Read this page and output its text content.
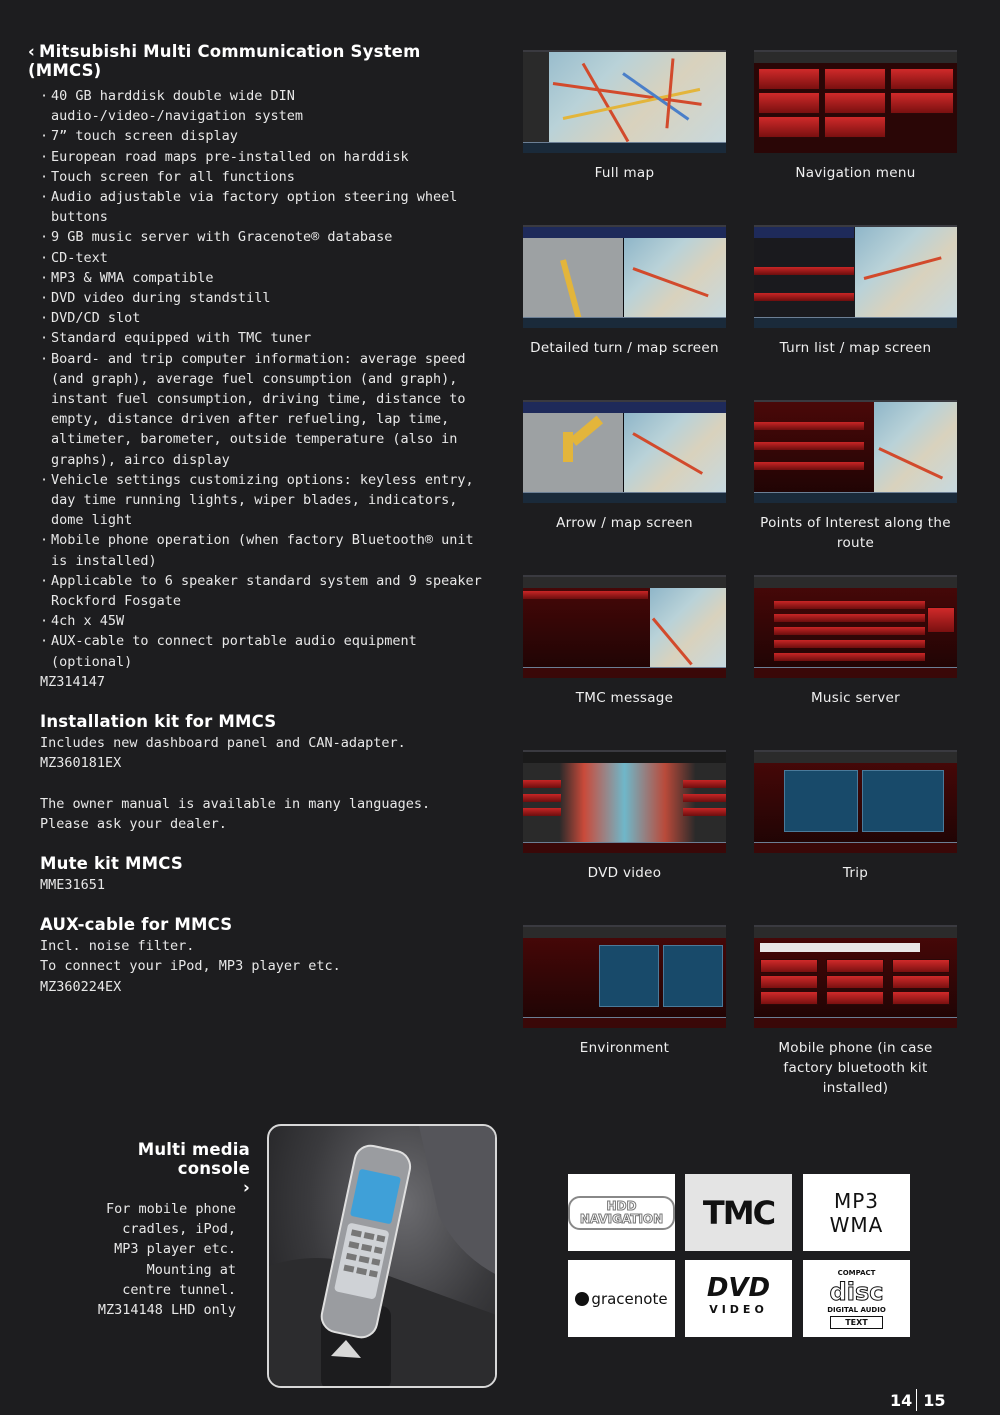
‹ Mitsubishi Multi Communication System (MMCS)
· 40 GB harddisk double wide DIN audio-/video-/navigation system
· 7” touch screen display
· European road maps pre-installed on harddisk
· Touch screen for all functions
· Audio adjustable via factory option steering wheel buttons
· 9 GB music server with Gracenote® database
· CD-text
· MP3 & WMA compatible
· DVD video during standstill
· DVD/CD slot
· Standard equipped with TMC tuner
· Board- and trip computer information: average speed (and graph), average fuel consumption (and graph), instant fuel consumption, driving time, distance to empty, distance driven after refueling, lap time, altimeter, barometer, outside temperature (also in graphs), airco display
· Vehicle settings customizing options: keyless entry, day time running lights, wiper blades, indicators, dome light
· Mobile phone operation (when factory Bluetooth® unit is installed)
· Applicable to 6 speaker standard system and 9 speaker Rockford Fosgate
· 4ch x 45W
· AUX-cable to connect portable audio equipment (optional)
MZ314147
Installation kit for MMCS
Includes new dashboard panel and CAN-adapter.
MZ360181EX
The owner manual is available in many languages.
Please ask your dealer.
Mute kit MMCS
MME31651
AUX-cable for MMCS
Incl. noise filter.
To connect your iPod, MP3 player etc.
MZ360224EX
Full map	Navigation menu
Detailed turn / map screen	Turn list / map screen
Arrow / map screen	Points of Interest along the route
TMC message	Music server
DVD video	Trip
Environment	Mobile phone (in case factory bluetooth kit installed)
Multi media console ›
For mobile phone
cradles, iPod,
MP3 player etc.
Mounting at
centre tunnel.
MZ314148 LHD only
HDD NAVIGATION	TMC	MP3
WMA
gracenote DVD
VIDEO
COMPACT
disc
DIGITAL AUDIO
TEXT
14 15
